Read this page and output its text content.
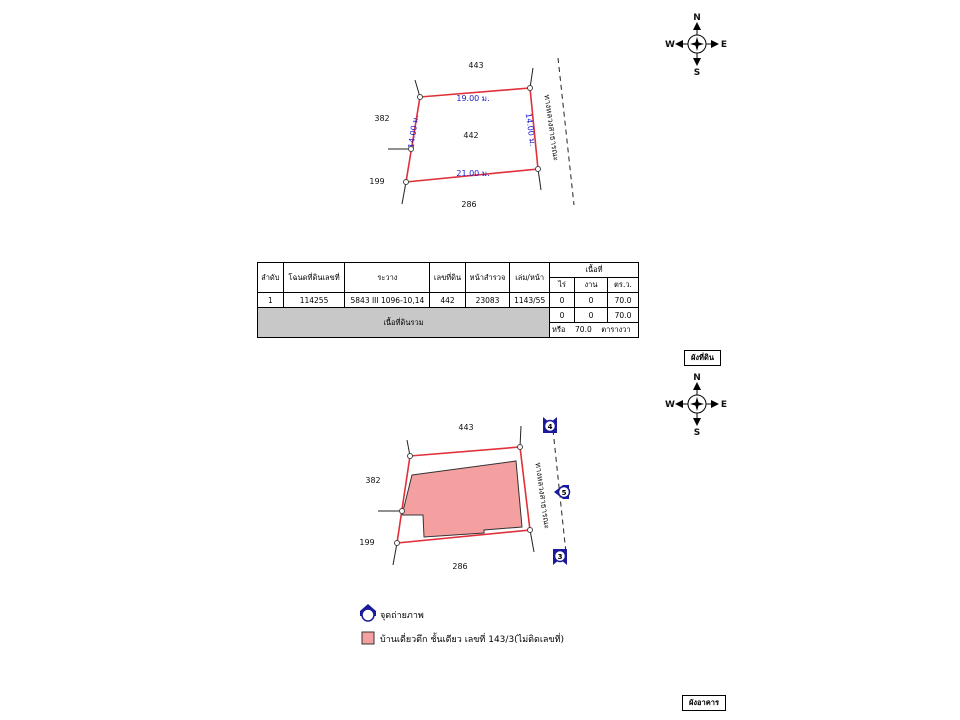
443
382
199
286
442
19.00 ม.
21.00 ม.
14.00 ม.	14.00 ม. ทางหลวงสาธารณะ
N
S
E
W
N
S
E
W
443
382
199
286
ทางหลวงสาธารณะ
4
5
3
จุดถ่ายภาพ
บ้านเดี่ยวตึก ชั้นเดียว เลขที่ 143/3(ไม่ติดเลขที่)
ลำดับ	โฉนดที่ดินเลขที่	ระวาง	เลขที่ดิน	หน้าสำรวจ	เล่ม/หน้า	เนื้อที่		
						ไร่	งาน	ตร.ว.
1	114255	5843 III 1096-10,14	442	23083	1143/55	0	0	70.0
เนื้อที่ดินรวม						0	0	70.0
						หรือ 70.0 ตารางวา		
ผังที่ดิน
ผังอาคาร
